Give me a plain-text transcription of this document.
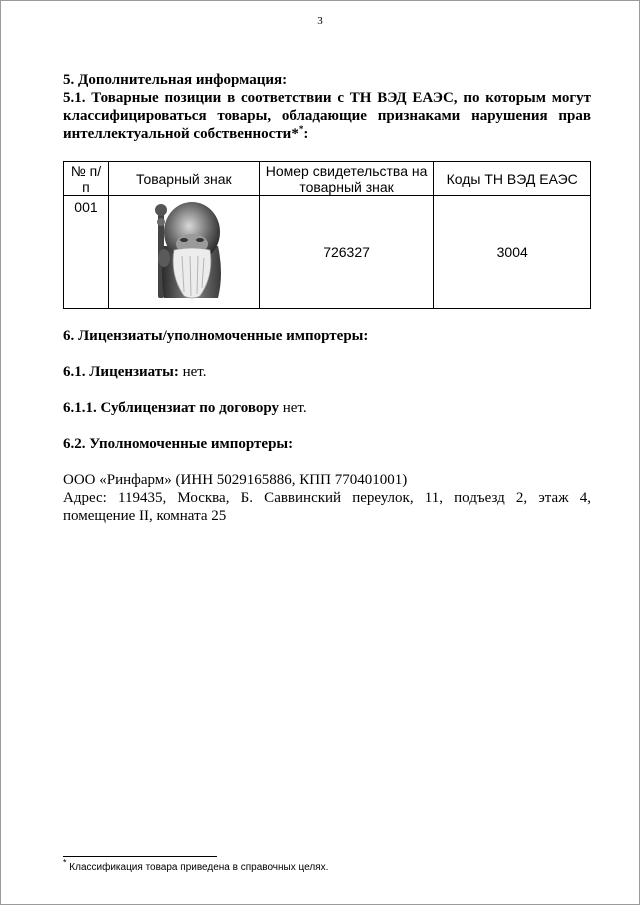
3

5. Дополнительная информация:

5.1. Товарные позиции в соответствии с ТН ВЭД ЕАЭС, по которым могут классифицироваться товары, обладающие признаками нарушения прав интеллектуальной собственности**:

№ п/п	Товарный знак	Номер свидетельства на товарный знак	Коды ТН ВЭД ЕАЭС
001		726327	3004

6. Лицензиаты/уполномоченные импортеры:

6.1. Лицензиаты: нет.

6.1.1. Сублицензиат по договору нет.

6.2. Уполномоченные импортеры:

ООО «Ринфарм» (ИНН 5029165886, КПП 770401001)

Адрес: 119435, Москва, Б. Саввинский переулок, 11, подъезд 2, этаж 4, помещение II, комната 25

* Классификация товара приведена в справочных целях.
